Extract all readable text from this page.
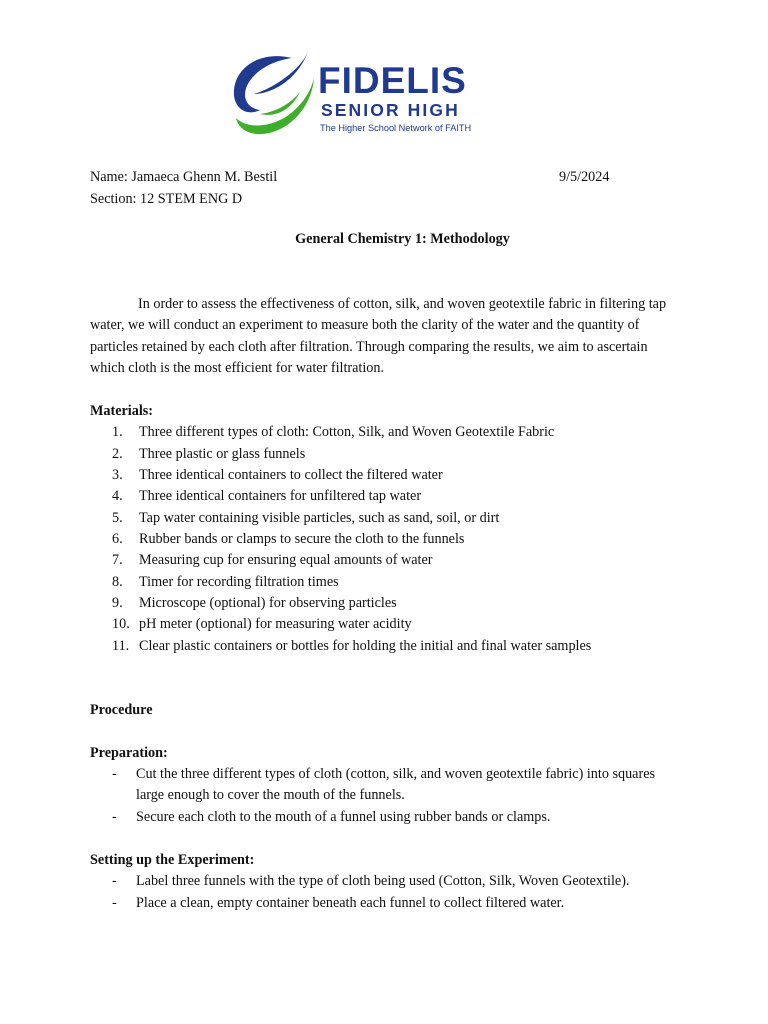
FIDELIS
SENIOR HIGH
The Higher School Network of FAITH
Name: Jamaeca Ghenn M. Bestil	9/5/2024
Section: 12 STEM ENG D
General Chemistry 1: Methodology
In order to assess the effectiveness of cotton, silk, and woven geotextile fabric in filtering tap water, we will conduct an experiment to measure both the clarity of the water and the quantity of particles retained by each cloth after filtration. Through comparing the results, we aim to ascertain which cloth is the most efficient for water filtration.
Materials:
1. Three different types of cloth: Cotton, Silk, and Woven Geotextile Fabric
2. Three plastic or glass funnels
3. Three identical containers to collect the filtered water
4. Three identical containers for unfiltered tap water
5. Tap water containing visible particles, such as sand, soil, or dirt
6. Rubber bands or clamps to secure the cloth to the funnels
7. Measuring cup for ensuring equal amounts of water
8. Timer for recording filtration times
9. Microscope (optional) for observing particles
10. pH meter (optional) for measuring water acidity
11. Clear plastic containers or bottles for holding the initial and final water samples
Procedure
Preparation:
- Cut the three different types of cloth (cotton, silk, and woven geotextile fabric) into squares large enough to cover the mouth of the funnels.
- Secure each cloth to the mouth of a funnel using rubber bands or clamps.
Setting up the Experiment:
- Label three funnels with the type of cloth being used (Cotton, Silk, Woven Geotextile).
- Place a clean, empty container beneath each funnel to collect filtered water.
